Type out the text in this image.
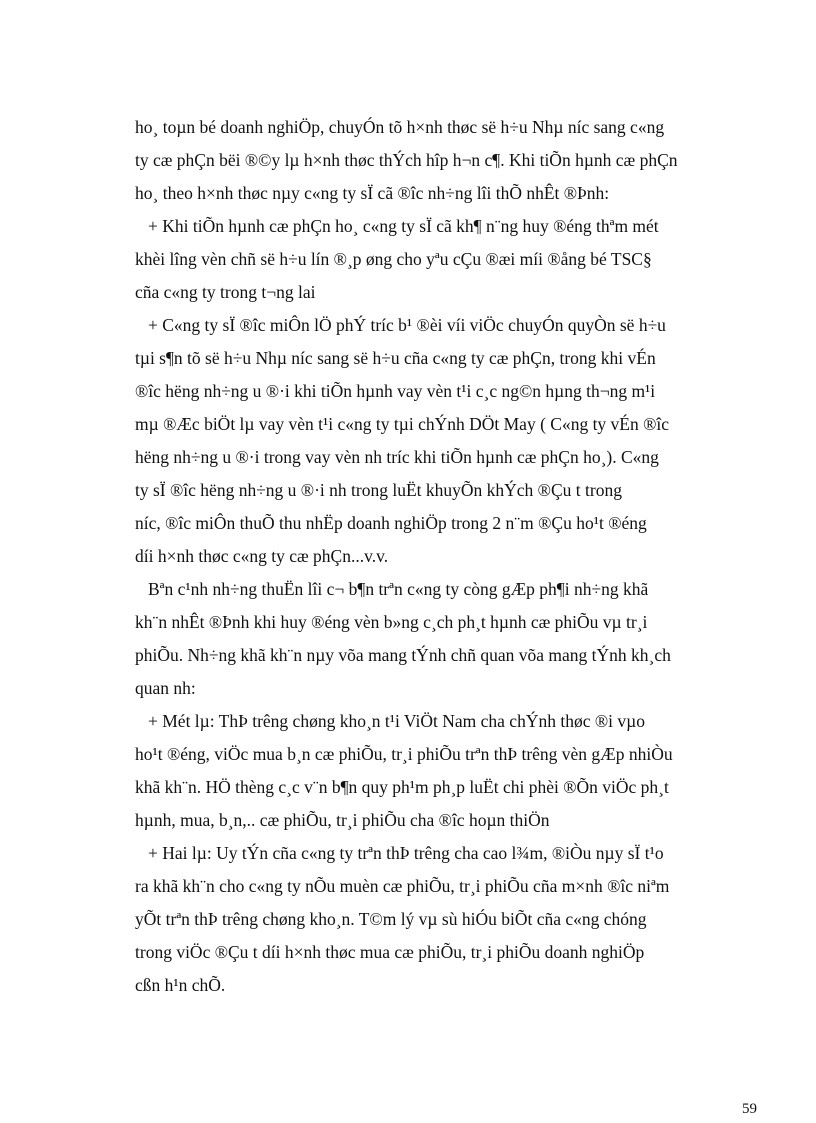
ho¸ toµn bé doanh nghiÖp, chuyÓn tõ h×nh thøc së h÷u Nhµ níc sang c«ng
ty cæ phÇn bëi ®©y lµ h×nh thøc thÝch hîp h¬n c¶. Khi tiÕn hµnh cæ phÇn
ho¸ theo h×nh thøc nµy c«ng ty sÏ cã ®îc nh÷ng lîi thÕ nhÊt ®Þnh:
+ Khi tiÕn hµnh cæ phÇn ho¸ c«ng ty sÏ cã kh¶ n¨ng huy ®éng thªm mét
khèi lîng vèn chñ së h÷u lín ®¸p øng cho yªu cÇu ®æi míi ®ång bé TSC§
cña c«ng ty trong t¬ng lai
+ C«ng ty sÏ ®îc miÔn lÖ phÝ tríc b¹ ®èi víi viÖc chuyÓn quyÒn së h÷u
tµi s¶n tõ së h÷u Nhµ níc sang së h÷u cña c«ng ty cæ phÇn, trong khi vÉn
®îc hëng nh÷ng u ®·i khi tiÕn hµnh vay vèn t¹i c¸c ng©n hµng th¬ng m¹i
mµ ®Æc biÖt lµ vay vèn t¹i c«ng ty tµi chÝnh DÖt May ( C«ng ty vÉn ®îc
hëng nh÷ng u ®·i trong vay vèn nh tríc khi tiÕn hµnh cæ phÇn ho¸). C«ng
ty sÏ ®îc hëng nh÷ng u ®·i nh trong luËt khuyÕn khÝch ®Çu t trong
níc, ®îc miÔn thuÕ thu nhËp doanh nghiÖp trong 2 n¨m ®Çu ho¹t ®éng
díi h×nh thøc c«ng ty cæ phÇn...v.v.
Bªn c¹nh nh÷ng thuËn lîi c¬ b¶n trªn c«ng ty còng gÆp ph¶i nh÷ng khã
kh¨n nhÊt ®Þnh khi huy ®éng vèn b»ng c¸ch ph¸t hµnh cæ phiÕu vµ tr¸i
phiÕu. Nh÷ng khã kh¨n nµy võa mang tÝnh chñ quan võa mang tÝnh kh¸ch
quan nh:
+ Mét lµ: ThÞ trêng chøng kho¸n t¹i ViÖt Nam cha chÝnh thøc ®i vµo
ho¹t ®éng, viÖc mua b¸n cæ phiÕu, tr¸i phiÕu trªn thÞ trêng vèn gÆp nhiÒu
khã kh¨n. HÖ thèng c¸c v¨n b¶n quy ph¹m ph¸p luËt chi phèi ®Õn viÖc ph¸t
hµnh, mua, b¸n,.. cæ phiÕu, tr¸i phiÕu cha ®îc hoµn thiÖn
+ Hai lµ: Uy tÝn cña c«ng ty trªn thÞ trêng cha cao l¾m, ®iÒu nµy sÏ t¹o
ra khã kh¨n cho c«ng ty nÕu muèn cæ phiÕu, tr¸i phiÕu cña m×nh ®îc niªm
yÕt trªn thÞ trêng chøng kho¸n. T©m lý vµ sù hiÓu biÕt cña c«ng chóng
trong viÖc ®Çu t díi h×nh thøc mua cæ phiÕu, tr¸i phiÕu doanh nghiÖp
cßn h¹n chÕ.
59
